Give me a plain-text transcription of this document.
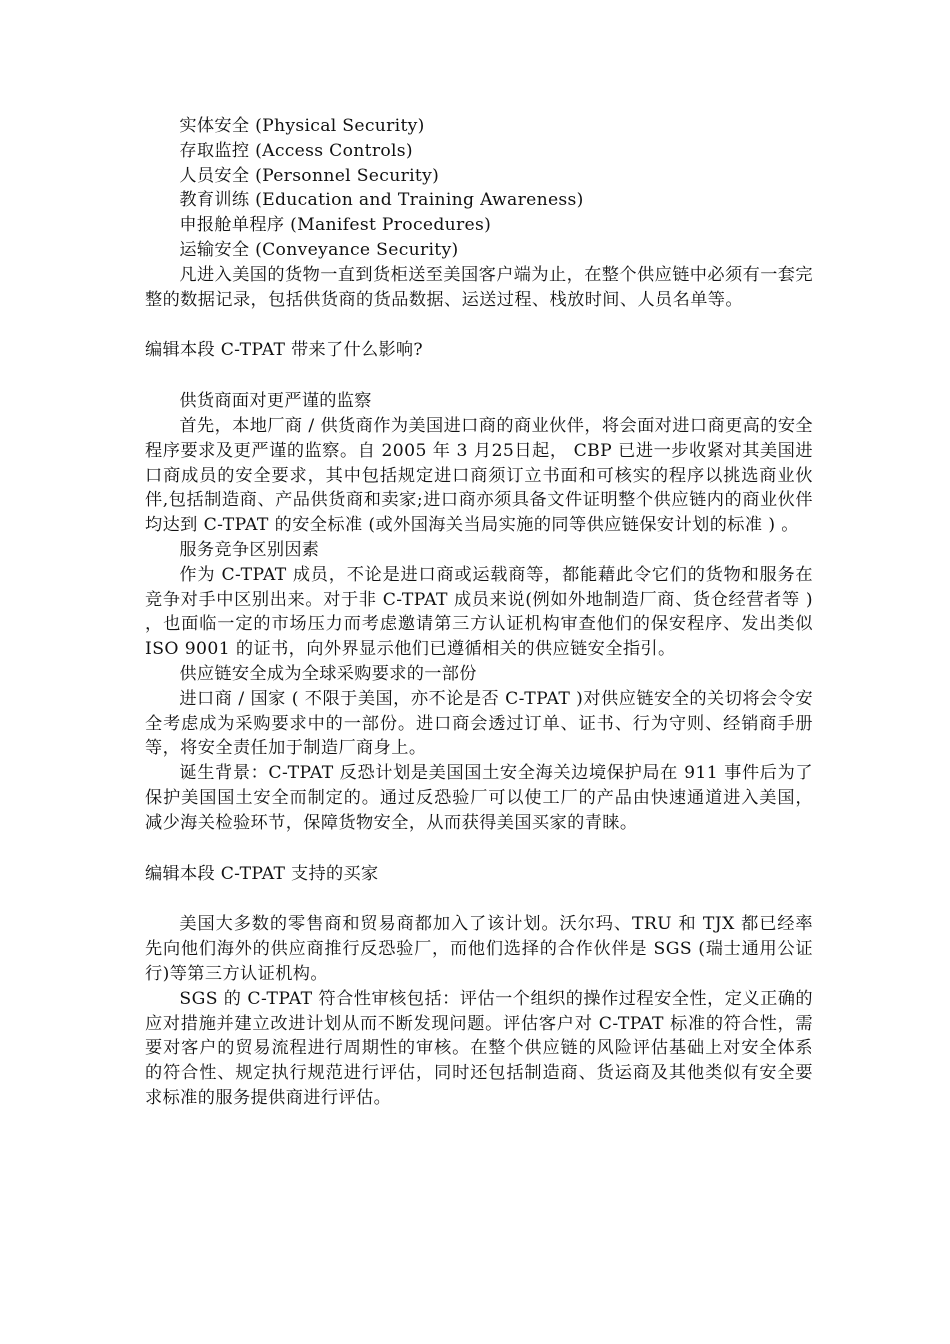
实体安全 (Physical Security)
存取监控 (Access Controls)
人员安全 (Personnel Security)
教育训练 (Education and Training Awareness)
申报舱单程序 (Manifest Procedures)
运输安全 (Conveyance Security)

凡进入美国的货物一直到货柜送至美国客户端为止，在整个供应链中必须有一套完整的数据记录，包括供货商的货品数据、运送过程、栈放时间、人员名单等。

编辑本段 C-TPAT 带来了什么影响?
供货商面对更严谨的监察

首先，本地厂商 / 供货商作为美国进口商的商业伙伴，将会面对进口商更高的安全程序要求及更严谨的监察。自 2005 年 3 月25日起， CBP 已进一步收紧对其美国进口商成员的安全要求，其中包括规定进口商须订立书面和可核实的程序以挑选商业伙伴,包括制造商、产品供货商和卖家;进口商亦须具备文件证明整个供应链内的商业伙伴均达到 C-TPAT 的安全标准 (或外国海关当局实施的同等供应链保安计划的标准 ) 。

服务竞争区别因素

作为 C-TPAT 成员，不论是进口商或运载商等，都能藉此令它们的货物和服务在竞争对手中区别出来。对于非 C-TPAT 成员来说(例如外地制造厂商、货仓经营者等 ) ，也面临一定的市场压力而考虑邀请第三方认证机构审查他们的保安程序、发出类似 ISO 9001 的证书，向外界显示他们已遵循相关的供应链安全指引。

供应链安全成为全球采购要求的一部份

进口商 / 国家 ( 不限于美国，亦不论是否 C-TPAT )对供应链安全的关切将会令安全考虑成为采购要求中的一部份。进口商会透过订单、证书、行为守则、经销商手册等，将安全责任加于制造厂商身上。

诞生背景：C-TPAT 反恐计划是美国国土安全海关边境保护局在 911 事件后为了保护美国国土安全而制定的。通过反恐验厂可以使工厂的产品由快速通道进入美国，减少海关检验环节，保障货物安全，从而获得美国买家的青睐。

编辑本段 C-TPAT 支持的买家

美国大多数的零售商和贸易商都加入了该计划。沃尔玛、TRU 和 TJX 都已经率先向他们海外的供应商推行反恐验厂，而他们选择的合作伙伴是 SGS (瑞士通用公证行)等第三方认证机构。

SGS 的 C-TPAT 符合性审核包括：评估一个组织的操作过程安全性，定义正确的应对措施并建立改进计划从而不断发现问题。评估客户对 C-TPAT 标准的符合性，需要对客户的贸易流程进行周期性的审核。在整个供应链的风险评估基础上对安全体系的符合性、规定执行规范进行评估，同时还包括制造商、货运商及其他类似有安全要求标准的服务提供商进行评估。
